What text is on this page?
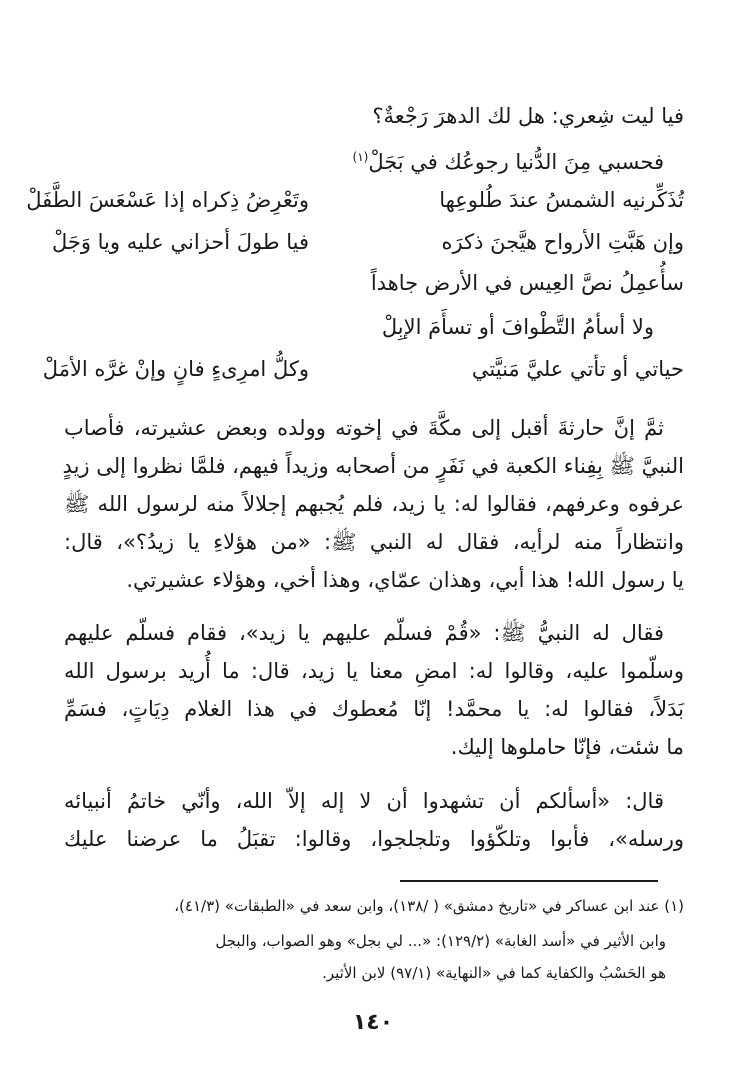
فيا ليت شِعري: هل لك الدهرَ رَجْعةٌ؟
فحسبي مِنَ الدُّنيا رجوعُك في بَجَلْ$^{(١)}$
تُذَكِّرنيه الشمسُ عندَ طُلوعِها
وتَعْرِضُ ذِكراه إذا عَسْعَسَ الطَّفَلْ
وإن هَبَّتِ الأرواح هيَّجنَ ذكرَه
فيا طولَ أحزاني عليه ويا وَجَلْ
سأُعمِلُ نصَّ العِيس في الأرض جاهداً
ولا أسأمُ التَّطْوافَ أو تسأَمَ الإبِلْ
حياتي أو تأتي عليَّ مَنيَّتي
وكلُّ امرِىءٍ فانٍ وإنْ غرَّه الأمَلْ
ثمَّ إنَّ حارثةَ أقبل إلى مكَّةَ في إخوته وولده وبعض عشيرته، فأصاب
النبيَّ ﷺ بِفِناء الكعبة في نَفَرٍ من أصحابه وزيداً فيهم، فلمَّا نظروا إلى زيدٍ
عرفوه وعرفهم، فقالوا له: يا زيد، فلم يُجبهم إجلالاً منه لرسول الله ﷺ
وانتظاراً منه لرأيه، فقال له النبي ﷺ: «من هؤلاءِ يا زيدُ؟»، قال:
يا رسول الله! هذا أبي، وهذان عمّاي، وهذا أخي، وهؤلاء عشيرتي.
فقال له النبيُّ ﷺ: «قُمْ فسلّم عليهم يا زيد»، فقام فسلّم عليهم
وسلّموا عليه، وقالوا له: امضِ معنا يا زيد، قال: ما أُريد برسول الله
بَدَلاً، فقالوا له: يا محمَّد! إنّا مُعطوك في هذا الغلام دِيَاتٍ، فسَمِّ
ما شئت، فإنّا حاملوها إليك.
قال: «أسألكم أن تشهدوا أن لا إله إلاّ الله، وأنّي خاتمُ أنبيائه
ورسله»، فأبوا وتلكّؤوا وتلجلجوا، وقالوا: تقبَلُ ما عرضنا عليك
(١) عند ابن عساكر في «تاريخ دمشق» ( /١٣٨)، وابن سعد في «الطبقات» (٤١/٣)،
وابن الأثير في «أسد الغابة» (١٢٩/٢): «... لي بجل» وهو الصواب، والبجل
هو الحَسْبُ والكفاية كما في «النهاية» (٩٧/١) لابن الأثير.
١٤٠
